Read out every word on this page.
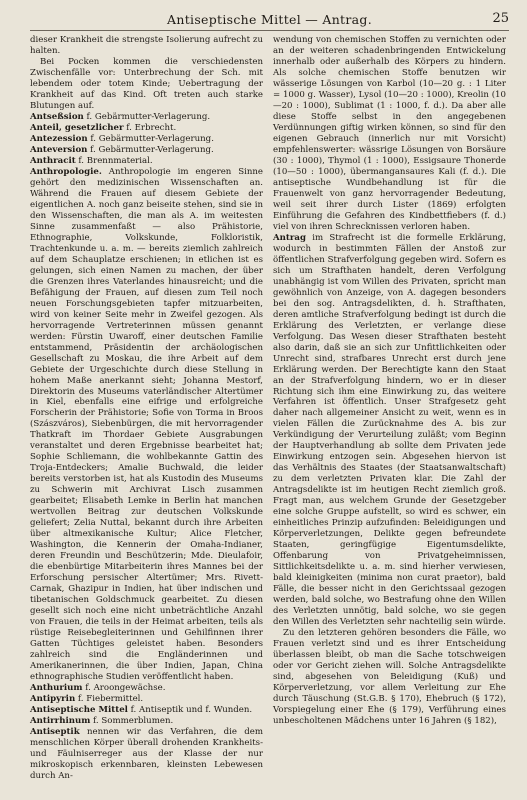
Antiseptische Mittel — Antrag.	25

dieser Krankheit die strengste Isolierung aufrecht zu halten.

Bei Pocken kommen die verschiedensten Zwischenfälle vor: Unterbrechung der Sch. mit lebendem oder totem Kinde; Uebertragung der Krankheit auf das Kind. Oft treten auch starke Blutungen auf.

Antseßsion f. Gebärmutter-Verlagerung.

Anteil, gesetzlicher f. Erbrecht.

Antezession f. Gebärmutter-Verlagerung.

Anteversion f. Gebärmutter-Verlagerung.

Anthracit f. Brennmaterial.

Anthropologie. Anthropologie im engeren Sinne gehört den medizinischen Wissenschaften an. Während die Frauen auf diesem Gebiete der eigentlichen A. noch ganz beiseite stehen, sind sie in den Wissenschaften, die man als A. im weitesten Sinne zusammenfaßt — also Prähistorie, Ethnographie, Volkskunde, Folkloristik, Trachtenkunde u. a. m. — bereits ziemlich zahlreich auf dem Schauplatze erschienen; in etlichen ist es gelungen, sich einen Namen zu machen, der über die Grenzen ihres Vaterlandes hinausreicht; und die Befähigung der Frauen, auf diesen zum Teil noch neuen Forschungsgebieten tapfer mitzuarbeiten, wird von keiner Seite mehr in Zweifel gezogen. Als hervorragende Vertreterinnen müssen genannt werden: Fürstin Uwaroff, einer deutschen Familie entstammend, Präsidentin der archäologischen Gesellschaft zu Moskau, die ihre Arbeit auf dem Gebiete der Urgeschichte durch diese Stellung in hohem Maße anerkannt sieht; Johanna Mestorf, Direktorin des Museums vaterländischer Altertümer in Kiel, ebenfalls eine eifrige und erfolgreiche Forscherin der Prähistorie; Sofie von Torma in Broos (Szászváros), Siebenbürgen, die mit hervorragender Thatkraft im Thordaer Gebiete Ausgrabungen veranstaltet und deren Ergebnisse bearbeitet hat; Sophie Schliemann, die wohlbekannte Gattin des Troja-Entdeckers; Amalie Buchwald, die leider bereits verstorben ist, hat als Kustodin des Museums zu Schwerin mit Archivrat Lisch zusammen gearbeitet; Elisabeth Lemke in Berlin hat manchen wertvollen Beitrag zur deutschen Volkskunde geliefert; Zelia Nuttal, bekannt durch ihre Arbeiten über altmexikanische Kultur; Alice Fletcher, Washington, die Kennerin der Omaha-Indianer, deren Freundin und Beschützerin; Mde. Dieulafoir, die ebenbürtige Mitarbeiterin ihres Mannes bei der Erforschung persischer Altertümer; Mrs. Rivett-Carnak, Ghazipur in Indien, hat über indischen und tibetanischen Goldschmuck gearbeitet. Zu diesen gesellt sich noch eine nicht unbeträchtliche Anzahl von Frauen, die teils in der Heimat arbeiten, teils als rüstige Reisebegleiterinnen und Gehilfinnen ihrer Gatten Tüchtiges geleistet haben. Besonders zahlreich sind die Engländerinnen und Amerikanerinnen, die über Indien, Japan, China ethnographische Studien veröffentlicht haben.

Anthurium f. Aroongewächse.

Antipyrin f. Fiebermittel.

Antiseptische Mittel f. Antiseptik und f. Wunden.

Antirrhinum f. Sommerblumen.

Antiseptik nennen wir das Verfahren, die dem menschlichen Körper überall drohenden Krankheits- und Fäulniserreger aus der Klasse der nur mikroskopisch erkennbaren, kleinsten Lebewesen durch An-

wendung von chemischen Stoffen zu vernichten oder an der weiteren schadenbringenden Entwickelung innerhalb oder außerhalb des Körpers zu hindern. Als solche chemischen Stoffe benutzen wir wässerige Lösungen von Karbol (10—20 g. : 1 Liter = 1000 g. Wasser), Lysol (10—20 : 1000), Kreolin (10—20 : 1000), Sublimat (1 : 1000, f. d.). Da aber alle diese Stoffe selbst in den angegebenen Verdünnungen giftig wirken können, so sind für den eigenen Gebrauch (innerlich nur mit Vorsicht) empfehlenswerter: wässrige Lösungen von Borsäure (30 : 1000), Thymol (1 : 1000), Essigsaure Thonerde (10—50 : 1000), übermangansaures Kali (f. d.). Die antiseptische Wundbehandlung ist für die Frauenwelt von ganz hervorragender Bedeutung, weil seit ihrer durch Lister (1869) erfolgten Einführung die Gefahren des Kindbettfiebers (f. d.) viel von ihren Schrecknissen verloren haben.

Antrag im Strafrecht ist die formelle Erklärung, wodurch in bestimmten Fällen der Anstoß zur öffentlichen Strafverfolgung gegeben wird. Sofern es sich um Strafthaten handelt, deren Verfolgung unabhängig ist vom Willen des Privaten, spricht man gewöhnlich von Anzeige, von A. dagegen besonders bei den sog. Antragsdelikten, d. h. Strafthaten, deren amtliche Strafverfolgung bedingt ist durch die Erklärung des Verletzten, er verlange diese Verfolgung. Das Wesen dieser Strafthaten besteht also darin, daß sie an sich zur Unfittlichkeiten oder Unrecht sind, strafbares Unrecht erst durch jene Erklärung werden. Der Berechtigte kann den Staat an der Strafverfolgung hindern, wo er in dieser Richtung sich ihm eine Einwirkung zu, das weitere Verfahren ist öffentlich. Unser Strafgesetz geht daher nach allgemeiner Ansicht zu weit, wenn es in vielen Fällen die Zurücknahme des A. bis zur Verkündigung der Verurteilung zuläßt; vom Beginn der Hauptverhandlung ab sollte dem Privaten jede Einwirkung entzogen sein. Abgesehen hiervon ist das Verhältnis des Staates (der Staatsanwaltschaft) zu dem verletzten Privaten klar. Die Zahl der Antragsdelikte ist im heutigen Recht ziemlich groß. Fragt man, aus welchem Grunde der Gesetzgeber eine solche Gruppe aufstellt, so wird es schwer, ein einheitliches Prinzip aufzufinden: Beleidigungen und Körperverletzungen, Delikte gegen befreundete Staaten, geringfügige Eigentumsdelikte, Offenbarung von Privatgeheimnissen, Sittlichkeitsdelikte u. a. m. sind hierher verwiesen, bald kleinigkeiten (minima non curat praetor), bald Fälle, die besser nicht in den Gerichtssaal gezogen werden, bald solche, wo Bestrafung ohne den Willen des Verletzten unnötig, bald solche, wo sie gegen den Willen des Verletzten sehr nachteilig sein würde.

Zu den letzteren gehören besonders die Fälle, wo Frauen verletzt sind und es ihrer Entscheidung überlassen bleibt, ob man die Sache totschweigen oder vor Gericht ziehen will. Solche Antragsdelikte sind, abgesehen von Beleidigung (Kuß) und Körperverletzung, vor allem Verleitung zur Ehe durch Täuschung (St.G.B. § 170), Ehebruch (§ 172), Vorspiegelung einer Ehe (§ 179), Verführung eines unbescholtenen Mädchens unter 16 Jahren (§ 182),
